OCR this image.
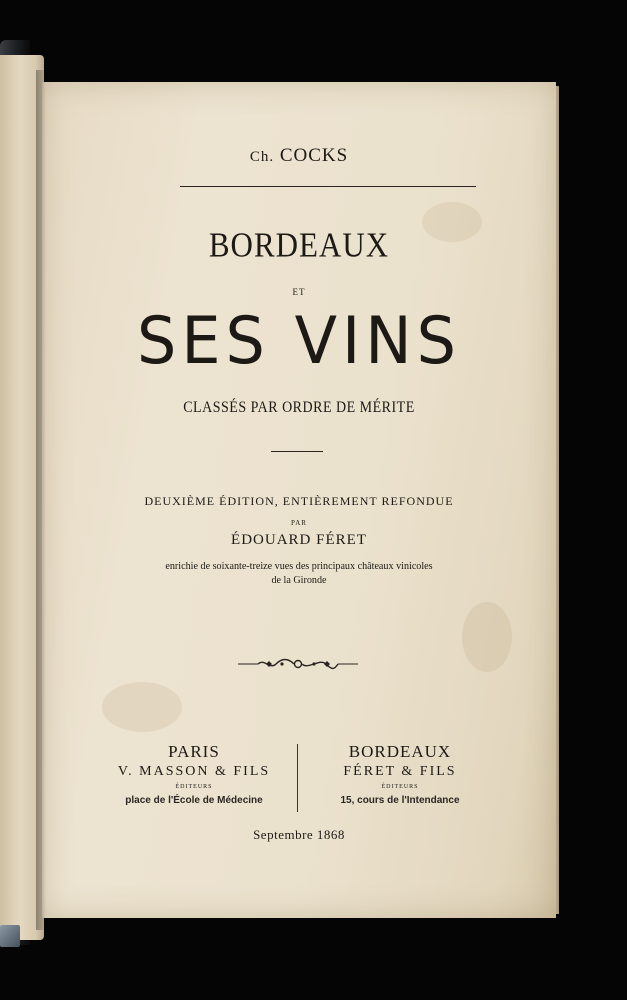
Ch. COCKS
BORDEAUX
ET
SES VINS
CLASSÉS PAR ORDRE DE MÉRITE
DEUXIÈME ÉDITION, ENTIÈREMENT REFONDUE
PAR
ÉDOUARD FÉRET
enrichie de soixante-treize vues des principaux châteaux vinicoles
de la Gironde
PARIS
V. MASSON & FILS
ÉDITEURS
place de l'École de Médecine
BORDEAUX
FÉRET & FILS
ÉDITEURS
15, cours de l'Intendance
Septembre 1868
